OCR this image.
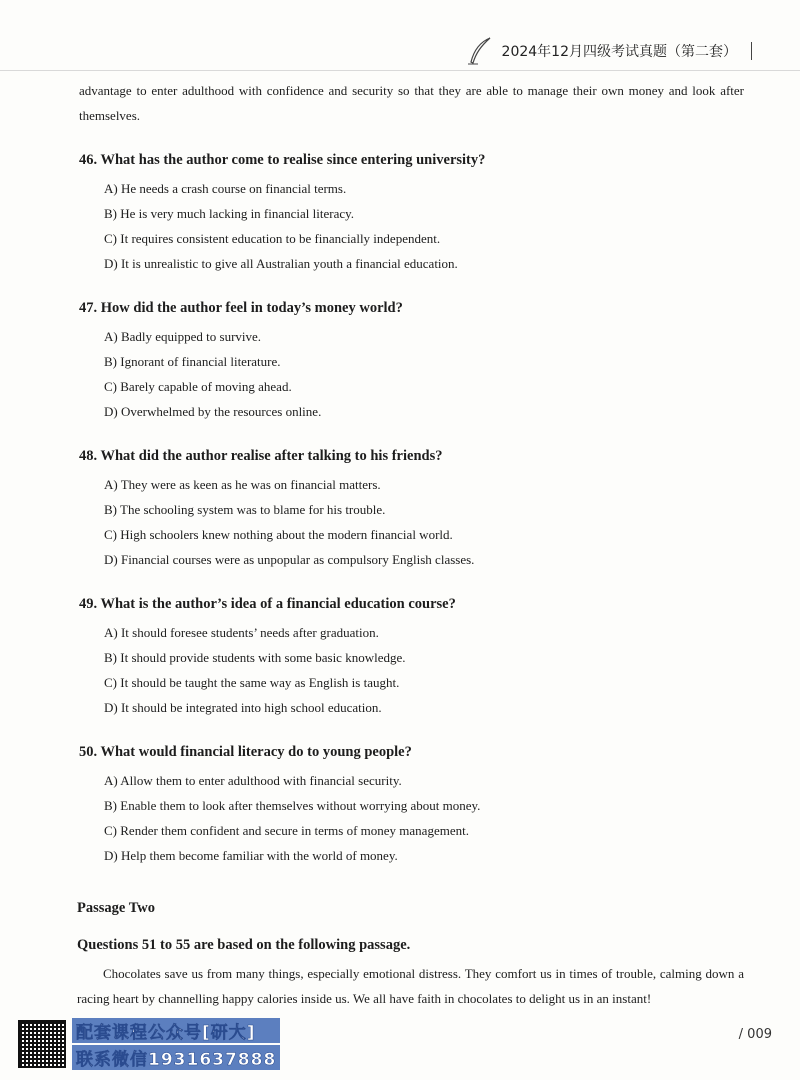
2024年12月四级考试真题（第二套）

advantage to enter adulthood with confidence and security so that they are able to manage their own money and look after themselves.

46. What has the author come to realise since entering university?
A) He needs a crash course on financial terms.
B) He is very much lacking in financial literacy.
C) It requires consistent education to be financially independent.
D) It is unrealistic to give all Australian youth a financial education.
47. How did the author feel in today’s money world?
A) Badly equipped to survive.
B) Ignorant of financial literature.
C) Barely capable of moving ahead.
D) Overwhelmed by the resources online.
48. What did the author realise after talking to his friends?
A) They were as keen as he was on financial matters.
B) The schooling system was to blame for his trouble.
C) High schoolers knew nothing about the modern financial world.
D) Financial courses were as unpopular as compulsory English classes.
49. What is the author’s idea of a financial education course?
A) It should foresee students’ needs after graduation.
B) It should provide students with some basic knowledge.
C) It should be taught the same way as English is taught.
D) It should be integrated into high school education.
50. What would financial literacy do to young people?
A) Allow them to enter adulthood with financial security.
B) Enable them to look after themselves without worrying about money.
C) Render them confident and secure in terms of money management.
D) Help them become familiar with the world of money.
Passage Two
Questions 51 to 55 are based on the following passage.

Chocolates save us from many things, especially emotional distress. They comfort us in times of trouble, calming down a racing heart by channelling happy calories inside us. We all have faith in chocolates to delight us in an instant!

配套课程公众号[研大]
联系微信1931637888
/ 009
